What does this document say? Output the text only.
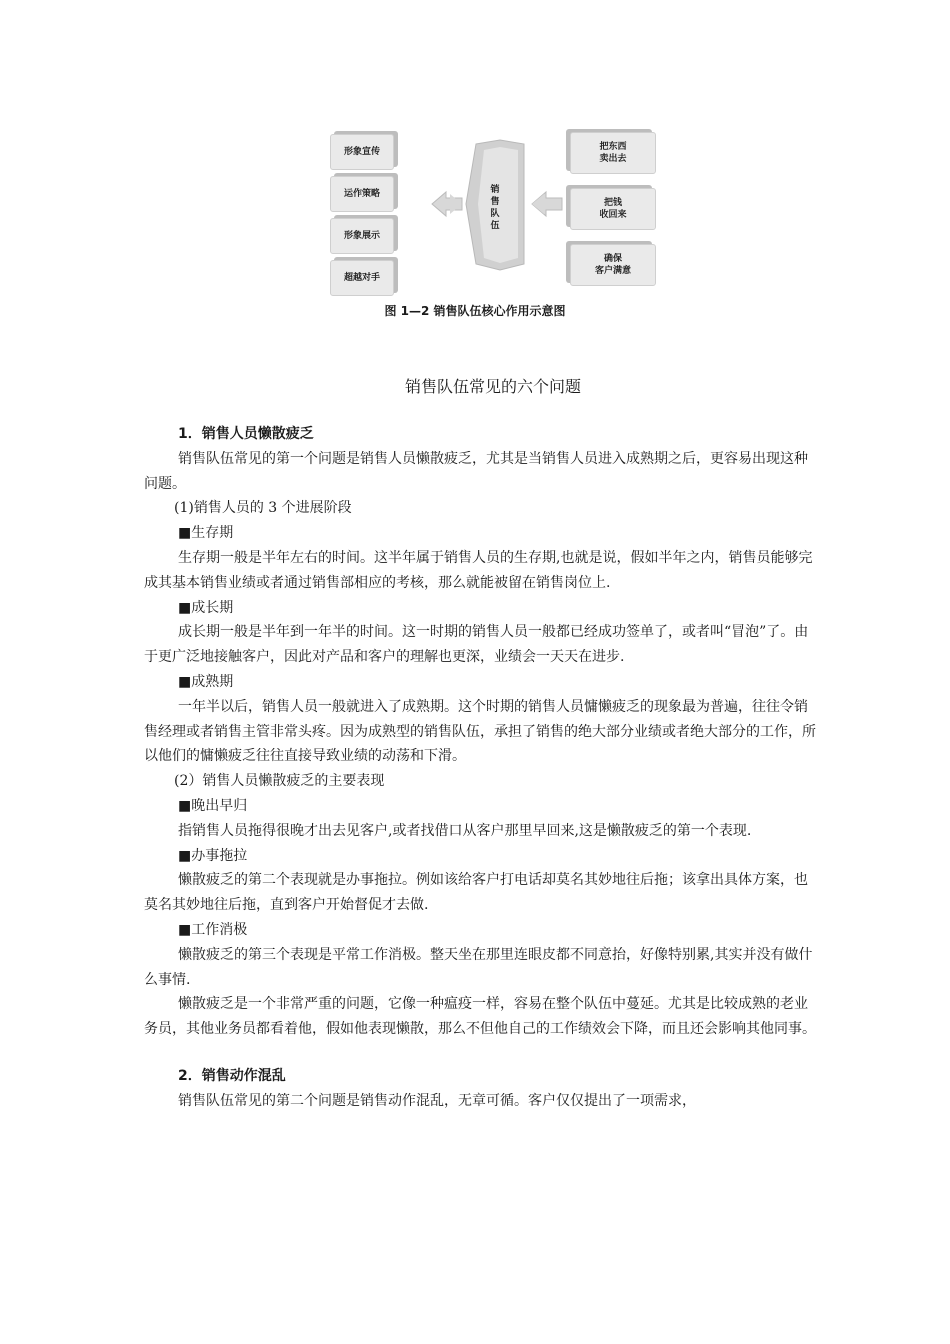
形象宣传
运作策略
形象展示
超越对手
销售队伍
把东西
卖出去
把钱
收回来
确保
客户满意
图 1—2 销售队伍核心作用示意图
销售队伍常见的六个问题

1．销售人员懒散疲乏

销售队伍常见的第一个问题是销售人员懒散疲乏，尤其是当销售人员进入成熟期之后，更容易出现这种问题。

(1)销售人员的 3 个进展阶段

■生存期

生存期一般是半年左右的时间。这半年属于销售人员的生存期,也就是说，假如半年之内，销售员能够完成其基本销售业绩或者通过销售部相应的考核，那么就能被留在销售岗位上.

■成长期

成长期一般是半年到一年半的时间。这一时期的销售人员一般都已经成功签单了，或者叫“冒泡”了。由于更广泛地接触客户，因此对产品和客户的理解也更深，业绩会一天天在进步.

■成熟期

一年半以后，销售人员一般就进入了成熟期。这个时期的销售人员慵懒疲乏的现象最为普遍，往往令销售经理或者销售主管非常头疼。因为成熟型的销售队伍，承担了销售的绝大部分业绩或者绝大部分的工作，所以他们的慵懒疲乏往往直接导致业绩的动荡和下滑。

(2）销售人员懒散疲乏的主要表现

■晚出早归

指销售人员拖得很晚才出去见客户,或者找借口从客户那里早回来,这是懒散疲乏的第一个表现.

■办事拖拉

懒散疲乏的第二个表现就是办事拖拉。例如该给客户打电话却莫名其妙地往后拖；该拿出具体方案，也莫名其妙地往后拖，直到客户开始督促才去做.

■工作消极

懒散疲乏的第三个表现是平常工作消极。整天坐在那里连眼皮都不同意抬，好像特别累,其实并没有做什么事情.

懒散疲乏是一个非常严重的问题，它像一种瘟疫一样，容易在整个队伍中蔓延。尤其是比较成熟的老业务员，其他业务员都看着他，假如他表现懒散，那么不但他自己的工作绩效会下降，而且还会影响其他同事。

2．销售动作混乱

销售队伍常见的第二个问题是销售动作混乱，无章可循。客户仅仅提出了一项需求，
